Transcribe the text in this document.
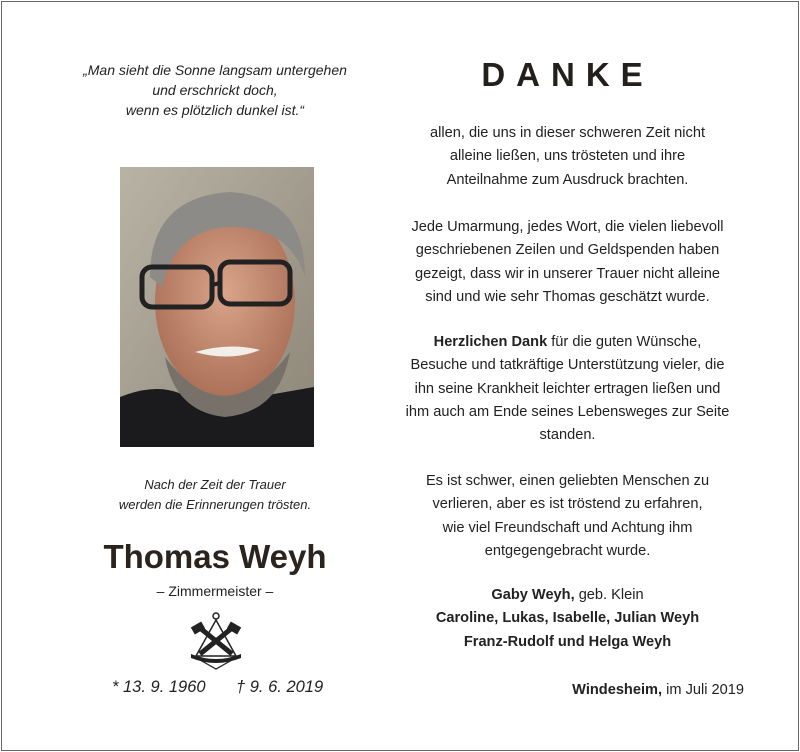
„Man sieht die Sonne langsam untergehen
und erschrickt doch,
wenn es plötzlich dunkel ist.“
Nach der Zeit der Trauer
werden die Erinnerungen trösten.
Thomas Weyh
– Zimmermeister –
* 13. 9. 1960 † 9. 6. 2019
DANKE
allen, die uns in dieser schweren Zeit nicht
alleine ließen, uns trösteten und ihre
Anteilnahme zum Ausdruck brachten.
Jede Umarmung, jedes Wort, die vielen liebevoll
geschriebenen Zeilen und Geldspenden haben
gezeigt, dass wir in unserer Trauer nicht alleine
sind und wie sehr Thomas geschätzt wurde.
Herzlichen Dank für die guten Wünsche,
Besuche und tatkräftige Unterstützung vieler, die
ihn seine Krankheit leichter ertragen ließen und
ihm auch am Ende seines Lebensweges zur Seite
standen.
Es ist schwer, einen geliebten Menschen zu
verlieren, aber es ist tröstend zu erfahren,
wie viel Freundschaft und Achtung ihm
entgegengebracht wurde.
Gaby Weyh, geb. Klein
Caroline, Lukas, Isabelle, Julian Weyh
Franz-Rudolf und Helga Weyh
Windesheim, im Juli 2019
